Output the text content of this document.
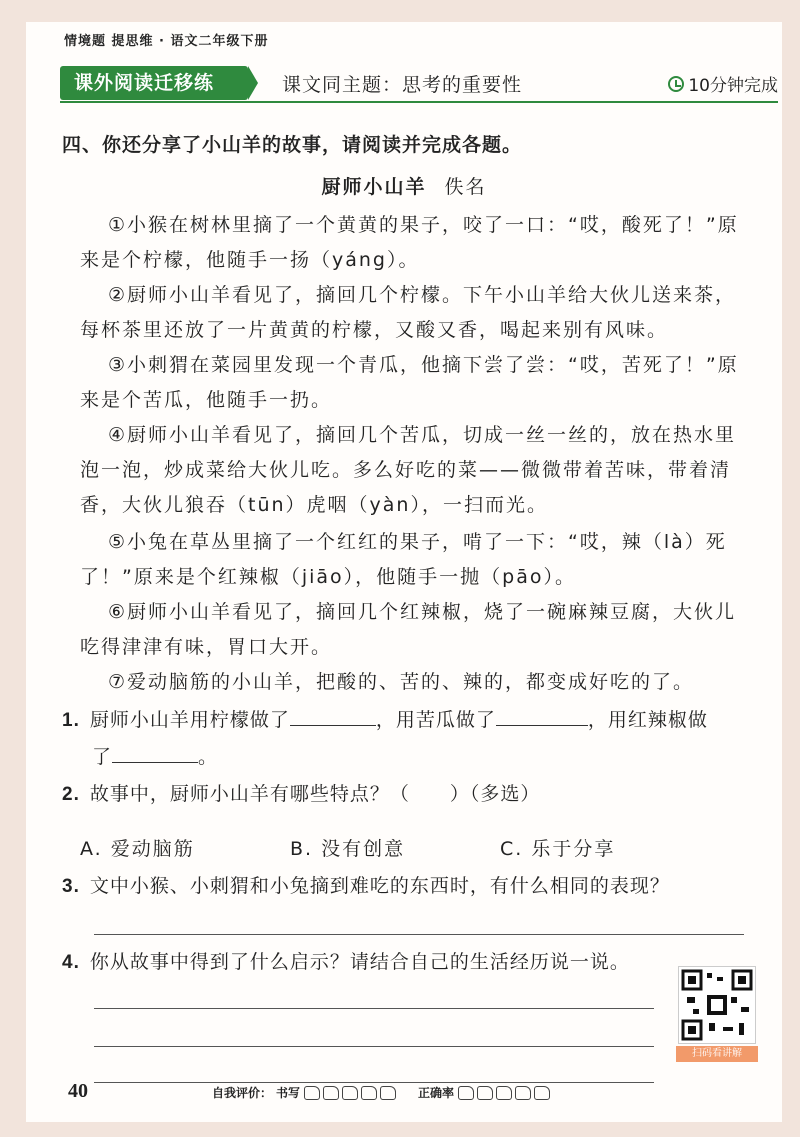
情境题 提思维 · 语文二年级下册
课外阅读迁移练	课文同主题：思考的重要性	10分钟完成
四、你还分享了小山羊的故事，请阅读并完成各题。
厨师小山羊 佚名
①小猴在树林里摘了一个黄黄的果子，咬了一口：“哎，酸死了！”原来是个柠檬，他随手一扬（yáng）。
②厨师小山羊看见了，摘回几个柠檬。下午小山羊给大伙儿送来茶，每杯茶里还放了一片黄黄的柠檬，又酸又香，喝起来别有风味。
③小刺猬在菜园里发现一个青瓜，他摘下尝了尝：“哎，苦死了！”原来是个苦瓜，他随手一扔。
④厨师小山羊看见了，摘回几个苦瓜，切成一丝一丝的，放在热水里泡一泡，炒成菜给大伙儿吃。多么好吃的菜——微微带着苦味，带着清香，大伙儿狼吞（tūn）虎咽（yàn），一扫而光。
⑤小兔在草丛里摘了一个红红的果子，啃了一下：“哎，辣（là）死了！”原来是个红辣椒（jiāo），他随手一抛（pāo）。
⑥厨师小山羊看见了，摘回几个红辣椒，烧了一碗麻辣豆腐，大伙儿吃得津津有味，胃口大开。
⑦爱动脑筋的小山羊，把酸的、苦的、辣的，都变成好吃的了。
1. 厨师小山羊用柠檬做了	，用苦瓜做了	，用红辣椒做
了	。
2. 故事中，厨师小山羊有哪些特点？（　　）（多选）
A. 爱动脑筋	B. 没有创意	C. 乐于分享
3. 文中小猴、小刺猬和小兔摘到难吃的东西时，有什么相同的表现？
4. 你从故事中得到了什么启示？请结合自己的生活经历说一说。
扫码看讲解
40	自我评价： 书写	正确率
